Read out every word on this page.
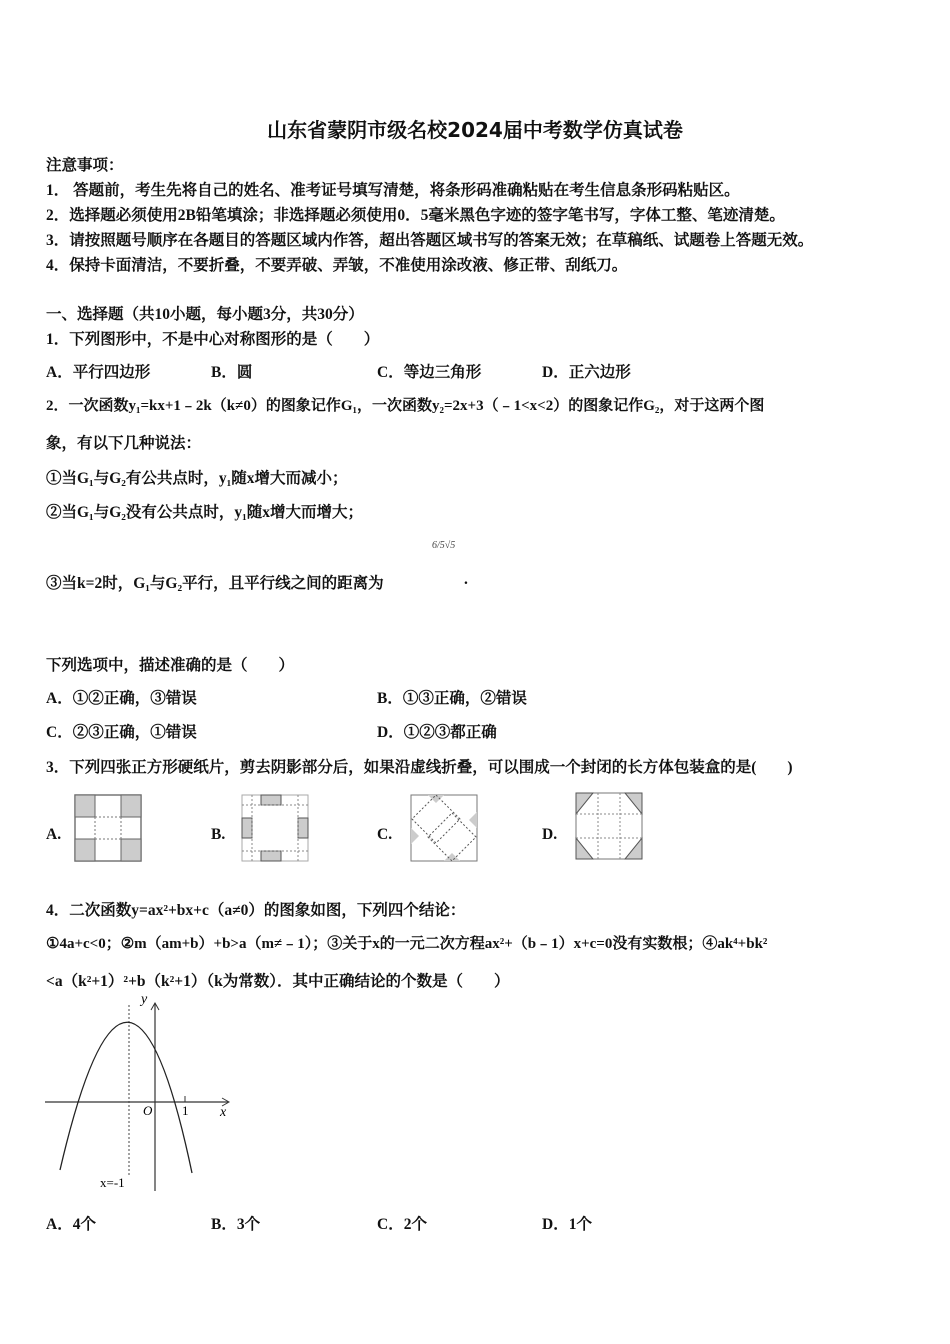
山东省蒙阴市级名校2024届中考数学仿真试卷
注意事项：
1． 答题前，考生先将自己的姓名、准考证号填写清楚，将条形码准确粘贴在考生信息条形码粘贴区。
2．选择题必须使用2B铅笔填涂；非选择题必须使用0．5毫米黑色字迹的签字笔书写，字体工整、笔迹清楚。
3．请按照题号顺序在各题目的答题区域内作答，超出答题区域书写的答案无效；在草稿纸、试题卷上答题无效。
4．保持卡面清洁，不要折叠，不要弄破、弄皱，不准使用涂改液、修正带、刮纸刀。
一、选择题（共10小题，每小题3分，共30分）
1．下列图形中，不是中心对称图形的是（　　）
A．平行四边形	B．圆	C．等边三角形	D．正六边形
2．一次函数y₁=kx+1﹣2k（k≠0）的图象记作G₁，一次函数y₂=2x+3（﹣1<x<2）的图象记作G₂，对于这两个图
象，有以下几种说法：
①当G₁与G₂有公共点时，y₁随x增大而减小；
②当G₁与G₂没有公共点时，y₁随x增大而增大；
6/5√5
③当k=2时，G₁与G₂平行，且平行线之间的距离为	.
下列选项中，描述准确的是（　　）
A．①②正确，③错误	B．①③正确，②错误
C．②③正确，①错误	D．①②③都正确
3．下列四张正方形硬纸片，剪去阴影部分后，如果沿虚线折叠，可以围成一个封闭的长方体包装盒的是(　　)
A.	B.	C.	D.
4．二次函数y=ax²+bx+c（a≠0）的图象如图，下列四个结论：
①4a+c<0；②m（am+b）+b>a（m≠﹣1）；③关于x的一元二次方程ax²+（b﹣1）x+c=0没有实数根；④ak⁴+bk²
<a（k²+1）²+b（k²+1）（k为常数）．其中正确结论的个数是（　　）
y
x
O 1
x=-1
A．4个	B．3个	C．2个	D．1个
